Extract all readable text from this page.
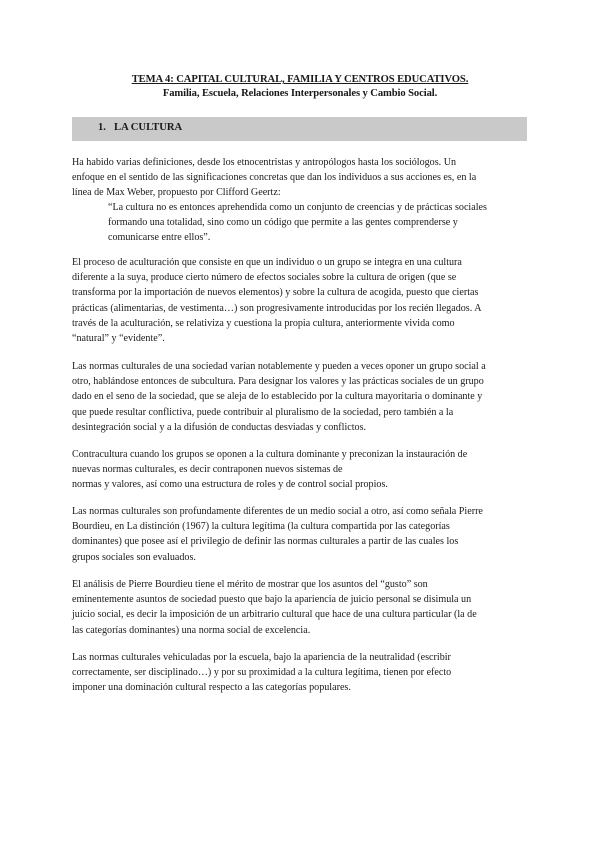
TEMA 4: CAPITAL CULTURAL, FAMILIA Y CENTROS EDUCATIVOS.
Familia, Escuela, Relaciones Interpersonales y Cambio Social.
1. LA CULTURA
Ha habido varias definiciones, desde los etnocentristas y antropólogos hasta los sociólogos. Un
enfoque en el sentido de las significaciones concretas que dan los individuos a sus acciones es, en la
línea de Max Weber, propuesto por Clifford Geertz:
“La cultura no es entonces aprehendida como un conjunto de creencias y de prácticas sociales
formando una totalidad, sino como un código que permite a las gentes comprenderse y
comunicarse entre ellos”.
El proceso de aculturación que consiste en que un individuo o un grupo se integra en una cultura
diferente a la suya, produce cierto número de efectos sociales sobre la cultura de origen (que se
transforma por la importación de nuevos elementos) y sobre la cultura de acogida, puesto que ciertas
prácticas (alimentarias, de vestimenta…) son progresivamente introducidas por los recién llegados. A
través de la aculturación, se relativiza y cuestiona la propia cultura, anteriormente vivida como
“natural” y “evidente”.
Las normas culturales de una sociedad varían notablemente y pueden a veces oponer un grupo social a
otro, hablándose entonces de subcultura. Para designar los valores y las prácticas sociales de un grupo
dado en el seno de la sociedad, que se aleja de lo establecido por la cultura mayoritaria o dominante y
que puede resultar conflictiva, puede contribuir al pluralismo de la sociedad, pero también a la
desintegración social y a la difusión de conductas desviadas y conflictos.
Contracultura cuando los grupos se oponen a la cultura dominante y preconizan la instauración de
nuevas normas culturales, es decir contraponen nuevos sistemas de
normas y valores, así como una estructura de roles y de control social propios.
Las normas culturales son profundamente diferentes de un medio social a otro, así como señala Pierre
Bourdieu, en La distinción (1967) la cultura legítima (la cultura compartida por las categorías
dominantes) que posee así el privilegio de definir las normas culturales a partir de las cuales los
grupos sociales son evaluados.
El análisis de Pierre Bourdieu tiene el mérito de mostrar que los asuntos del “gusto” son
eminentemente asuntos de sociedad puesto que bajo la apariencia de juicio personal se disimula un
juicio social, es decir la imposición de un arbitrario cultural que hace de una cultura particular (la de
las categorías dominantes) una norma social de excelencia.
Las normas culturales vehiculadas por la escuela, bajo la apariencia de la neutralidad (escribir
correctamente, ser disciplinado…) y por su proximidad a la cultura legítima, tienen por efecto
imponer una dominación cultural respecto a las categorías populares.
